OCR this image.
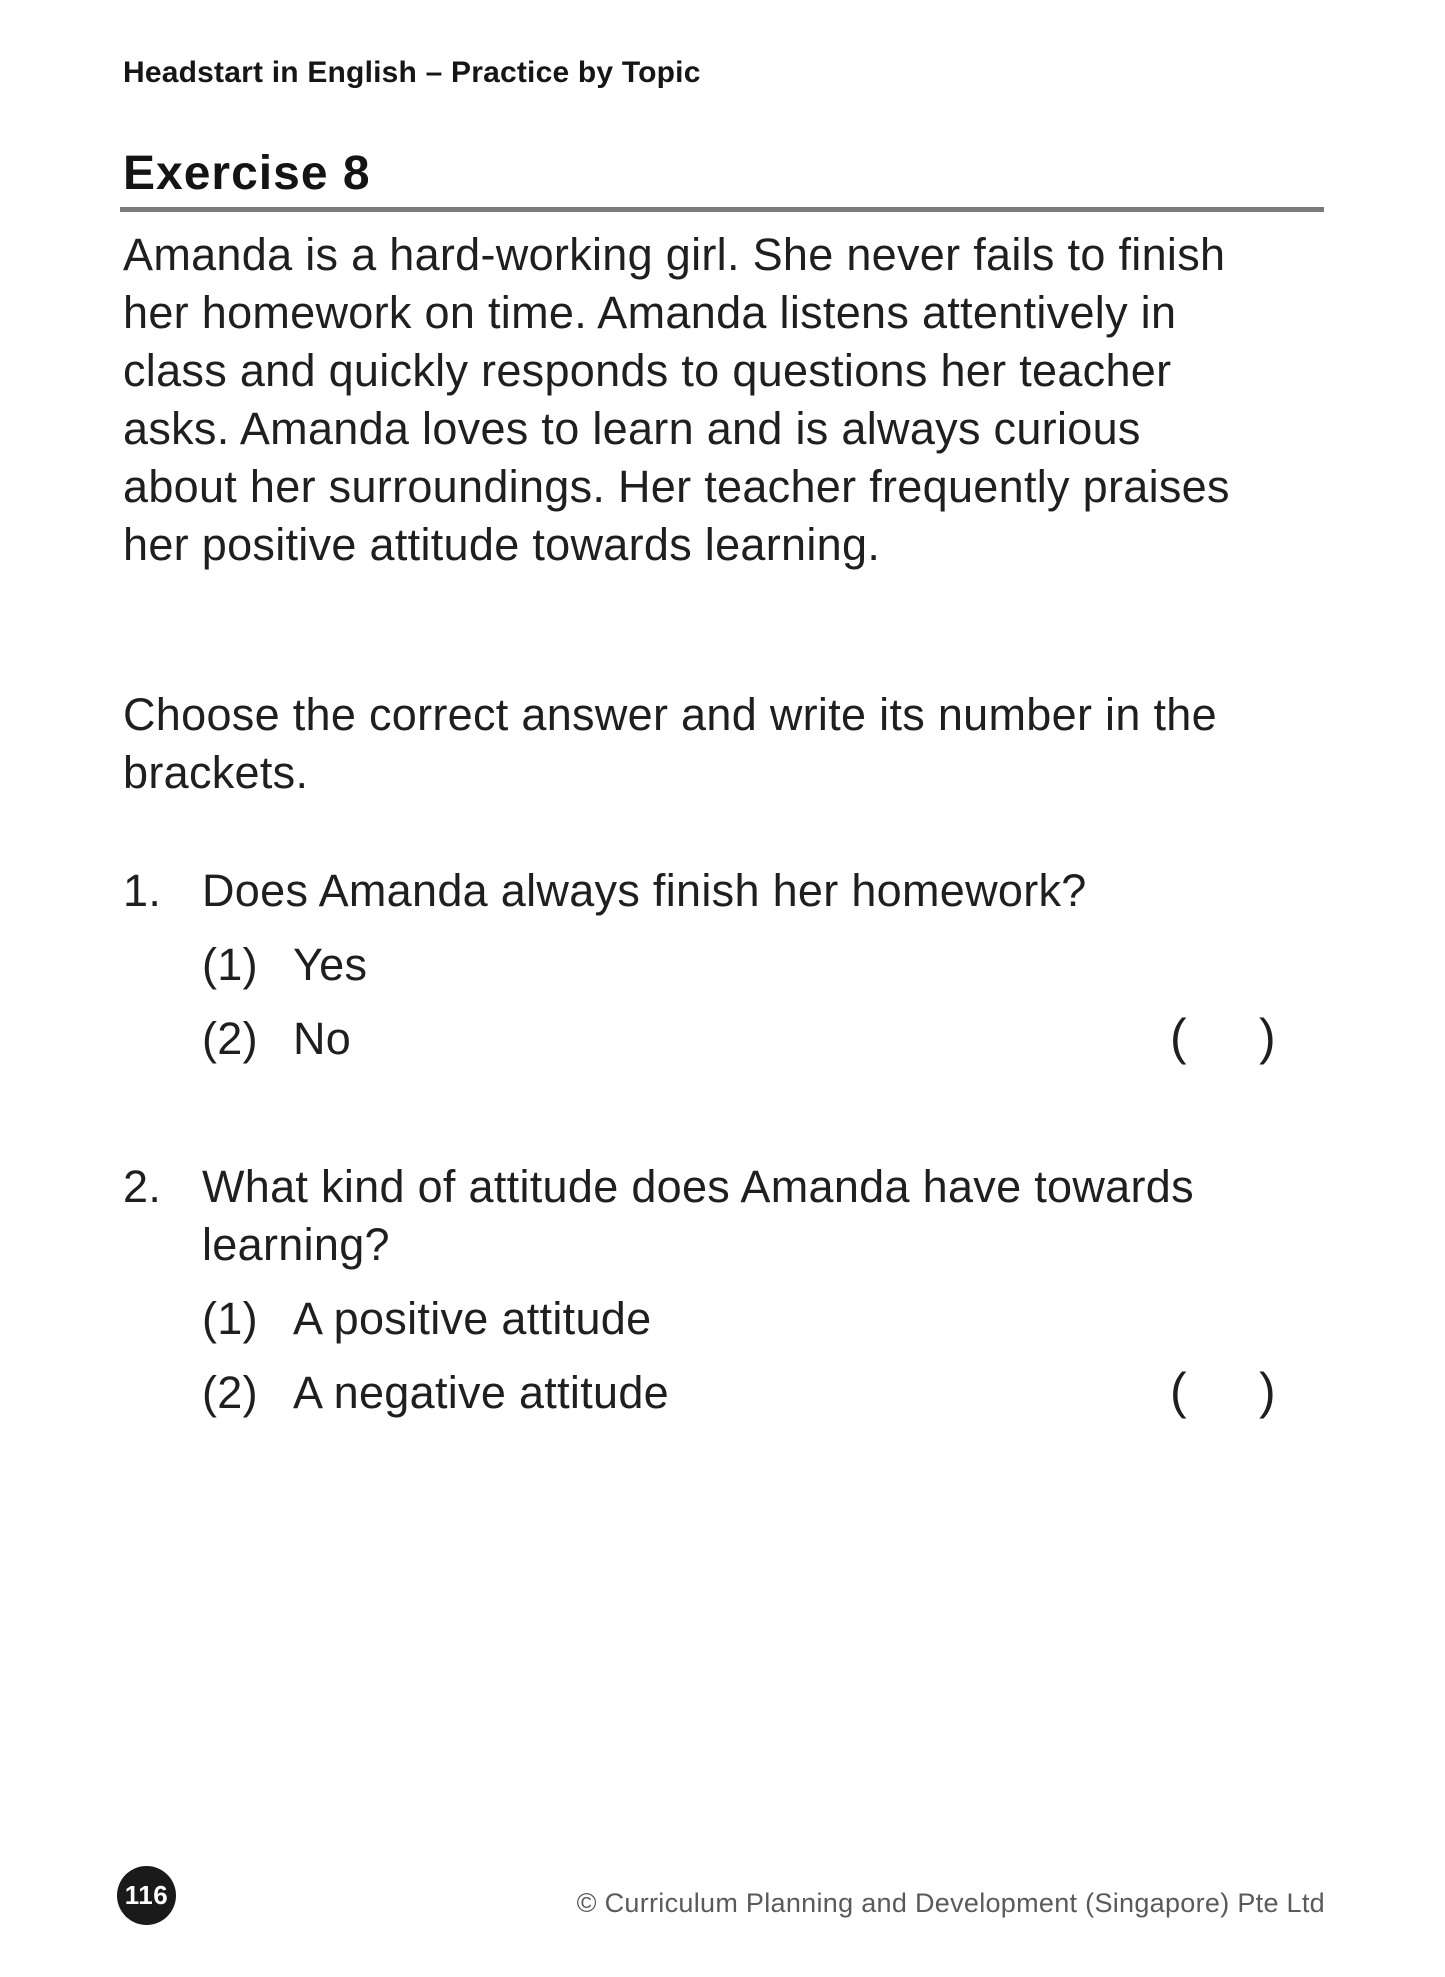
Headstart in English – Practice by Topic
Exercise 8
Amanda is a hard-working girl. She never fails to finish
her homework on time. Amanda listens attentively in
class and quickly responds to questions her teacher
asks. Amanda loves to learn and is always curious
about her surroundings. Her teacher frequently praises
her positive attitude towards learning.
Choose the correct answer and write its number in the
brackets.
1. Does Amanda always finish her homework?
(1) Yes
(2) No	( )
2. What kind of attitude does Amanda have towards
learning?
(1) A positive attitude
(2) A negative attitude	( )
116	© Curriculum Planning and Development (Singapore) Pte Ltd
